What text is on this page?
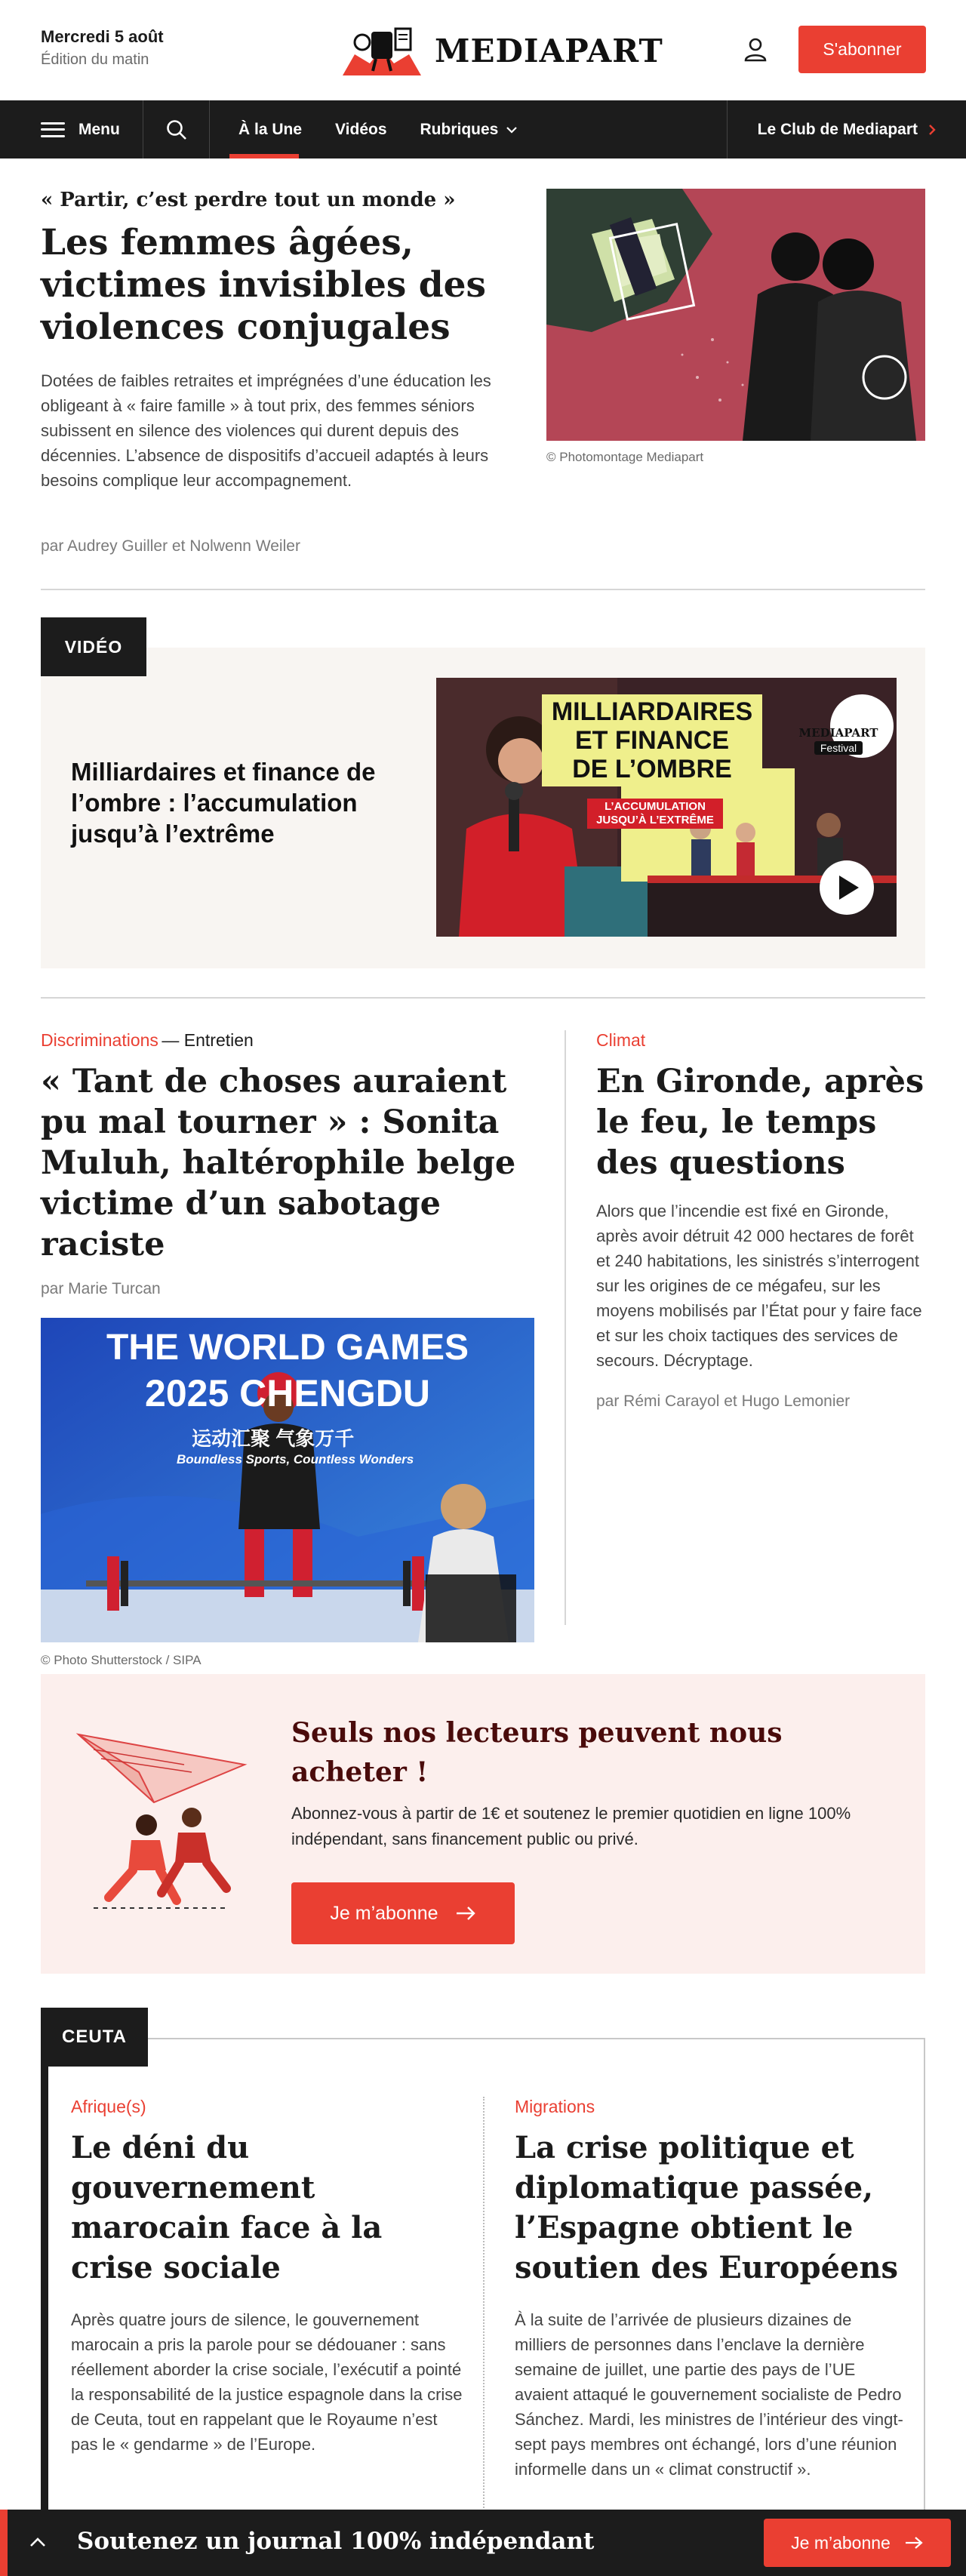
Mercredi 5 août
Édition du matin	MEDIAPART	S'abonner
Menu	À la Une Vidéos Rubriques	Le Club de Mediapart
« Partir, c’est perdre tout un monde »
Les femmes âgées, victimes invisibles des violences conjugales

Dotées de faibles retraites et imprégnées d’une éducation les obligeant à « faire famille » à tout prix, des femmes séniors subissent en silence des violences qui durent depuis des décennies. L’absence de dispositifs d’accueil adaptés à leurs besoins complique leur accompagnement.

par Audrey Guiller et Nolwenn Weiler
© Photomontage Mediapart
VIDÉO
Milliardaires et finance de l’ombre : l’accumulation jusqu’à l’extrême
MILLIARDAIRES
ET FINANCE
DE L’OMBRE
L’ACCUMULATION
JUSQU’À L’EXTRÊME
MEDIAPART
Festival
Discriminations — Entretien
« Tant de choses auraient pu mal tourner » : Sonita Muluh, haltérophile belge victime d’un sabotage raciste
par Marie Turcan
THE WORLD GAMES
2025 CHENGDU
运动汇聚 气象万千
Boundless Sports, Countless Wonders
© Photo Shutterstock / SIPA
Climat
En Gironde, après le feu, le temps des questions

Alors que l’incendie est fixé en Gironde, après avoir détruit 42 000 hectares de forêt et 240 habitations, les sinistrés s’interrogent sur les origines de ce mégafeu, sur les moyens mobilisés par l’État pour y faire face et sur les choix tactiques des services de secours. Décryptage.

par Rémi Carayol et Hugo Lemonier
Seuls nos lecteurs peuvent nous acheter !

Abonnez-vous à partir de 1€ et soutenez le premier quotidien en ligne 100% indépendant, sans financement public ou privé.

Je m’abonne
CEUTA
Afrique(s)
Le déni du gouvernement marocain face à la crise sociale

Après quatre jours de silence, le gouvernement marocain a pris la parole pour se dédouaner : sans réellement aborder la crise sociale, l’exécutif a pointé la responsabilité de la justice espagnole dans la crise de Ceuta, tout en rappelant que le Royaume n’est pas le « gendarme » de l’Europe.

Migrations
La crise politique et diplomatique passée, l’Espagne obtient le soutien des Européens

À la suite de l’arrivée de plusieurs dizaines de milliers de personnes dans l’enclave la dernière semaine de juillet, une partie des pays de l’UE avaient attaqué le gouvernement socialiste de Pedro Sánchez. Mardi, les ministres de l’intérieur des vingt-sept pays membres ont échangé, lors d’une réunion informelle dans un « climat constructif ».

Soutenez un journal 100% indépendant	Je m’abonne
